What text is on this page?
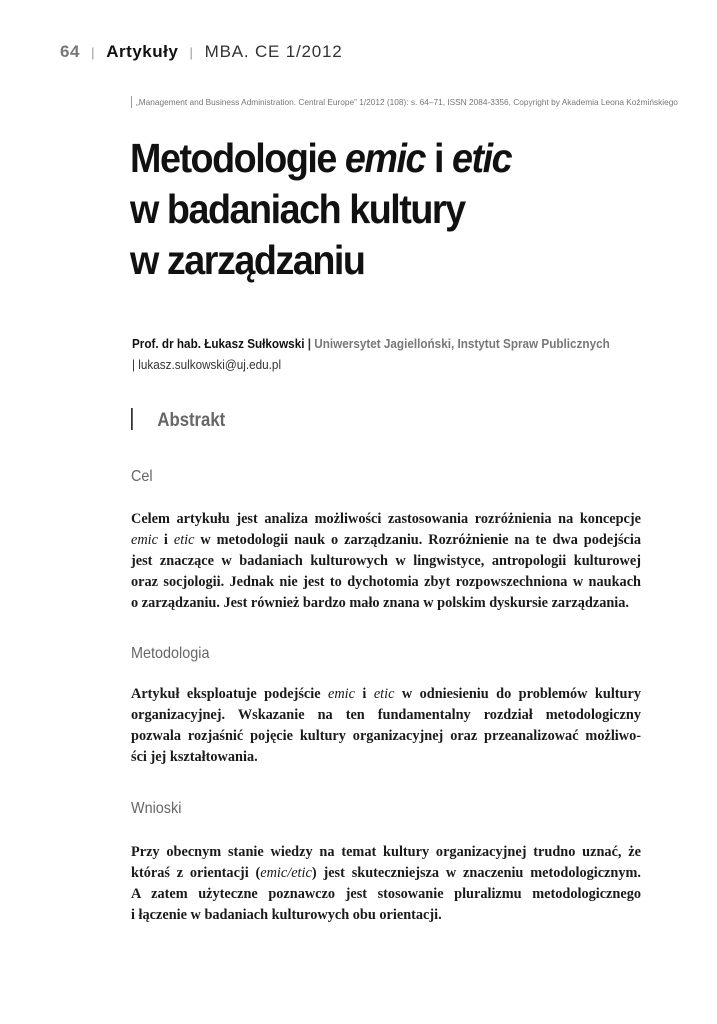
64 | Artykuły | MBA. CE 1/2012
„Management and Business Administration. Central Europe” 1/2012 (108): s. 64–71, ISSN 2084-3356, Copyright by Akademia Leona Koźmińskiego
Metodologie emic i etic
w badaniach kultury
w zarządzaniu
Prof. dr hab. Łukasz Sułkowski | Uniwersytet Jagielloński, Instytut Spraw Publicznych
| lukasz.sulkowski@uj.edu.pl
Abstrakt
Cel
Celem artykułu jest analiza możliwości zastosowania rozróżnienia na koncepcje
emic i etic w metodologii nauk o zarządzaniu. Rozróżnienie na te dwa podejścia
jest znaczące w badaniach kulturowych w lingwistyce, antropologii kulturowej
oraz socjologii. Jednak nie jest to dychotomia zbyt rozpowszechniona w naukach
o zarządzaniu. Jest również bardzo mało znana w polskim dyskursie zarządzania.
Metodologia
Artykuł eksploatuje podejście emic i etic w odniesieniu do problemów kultury
organizacyjnej. Wskazanie na ten fundamentalny rozdział metodologiczny
pozwala rozjaśnić pojęcie kultury organizacyjnej oraz przeanalizować możliwo-
ści jej kształtowania.
Wnioski
Przy obecnym stanie wiedzy na temat kultury organizacyjnej trudno uznać, że
któraś z orientacji (emic/etic) jest skuteczniejsza w znaczeniu metodologicznym.
A zatem użyteczne poznawczo jest stosowanie pluralizmu metodologicznego
i łączenie w badaniach kulturowych obu orientacji.
